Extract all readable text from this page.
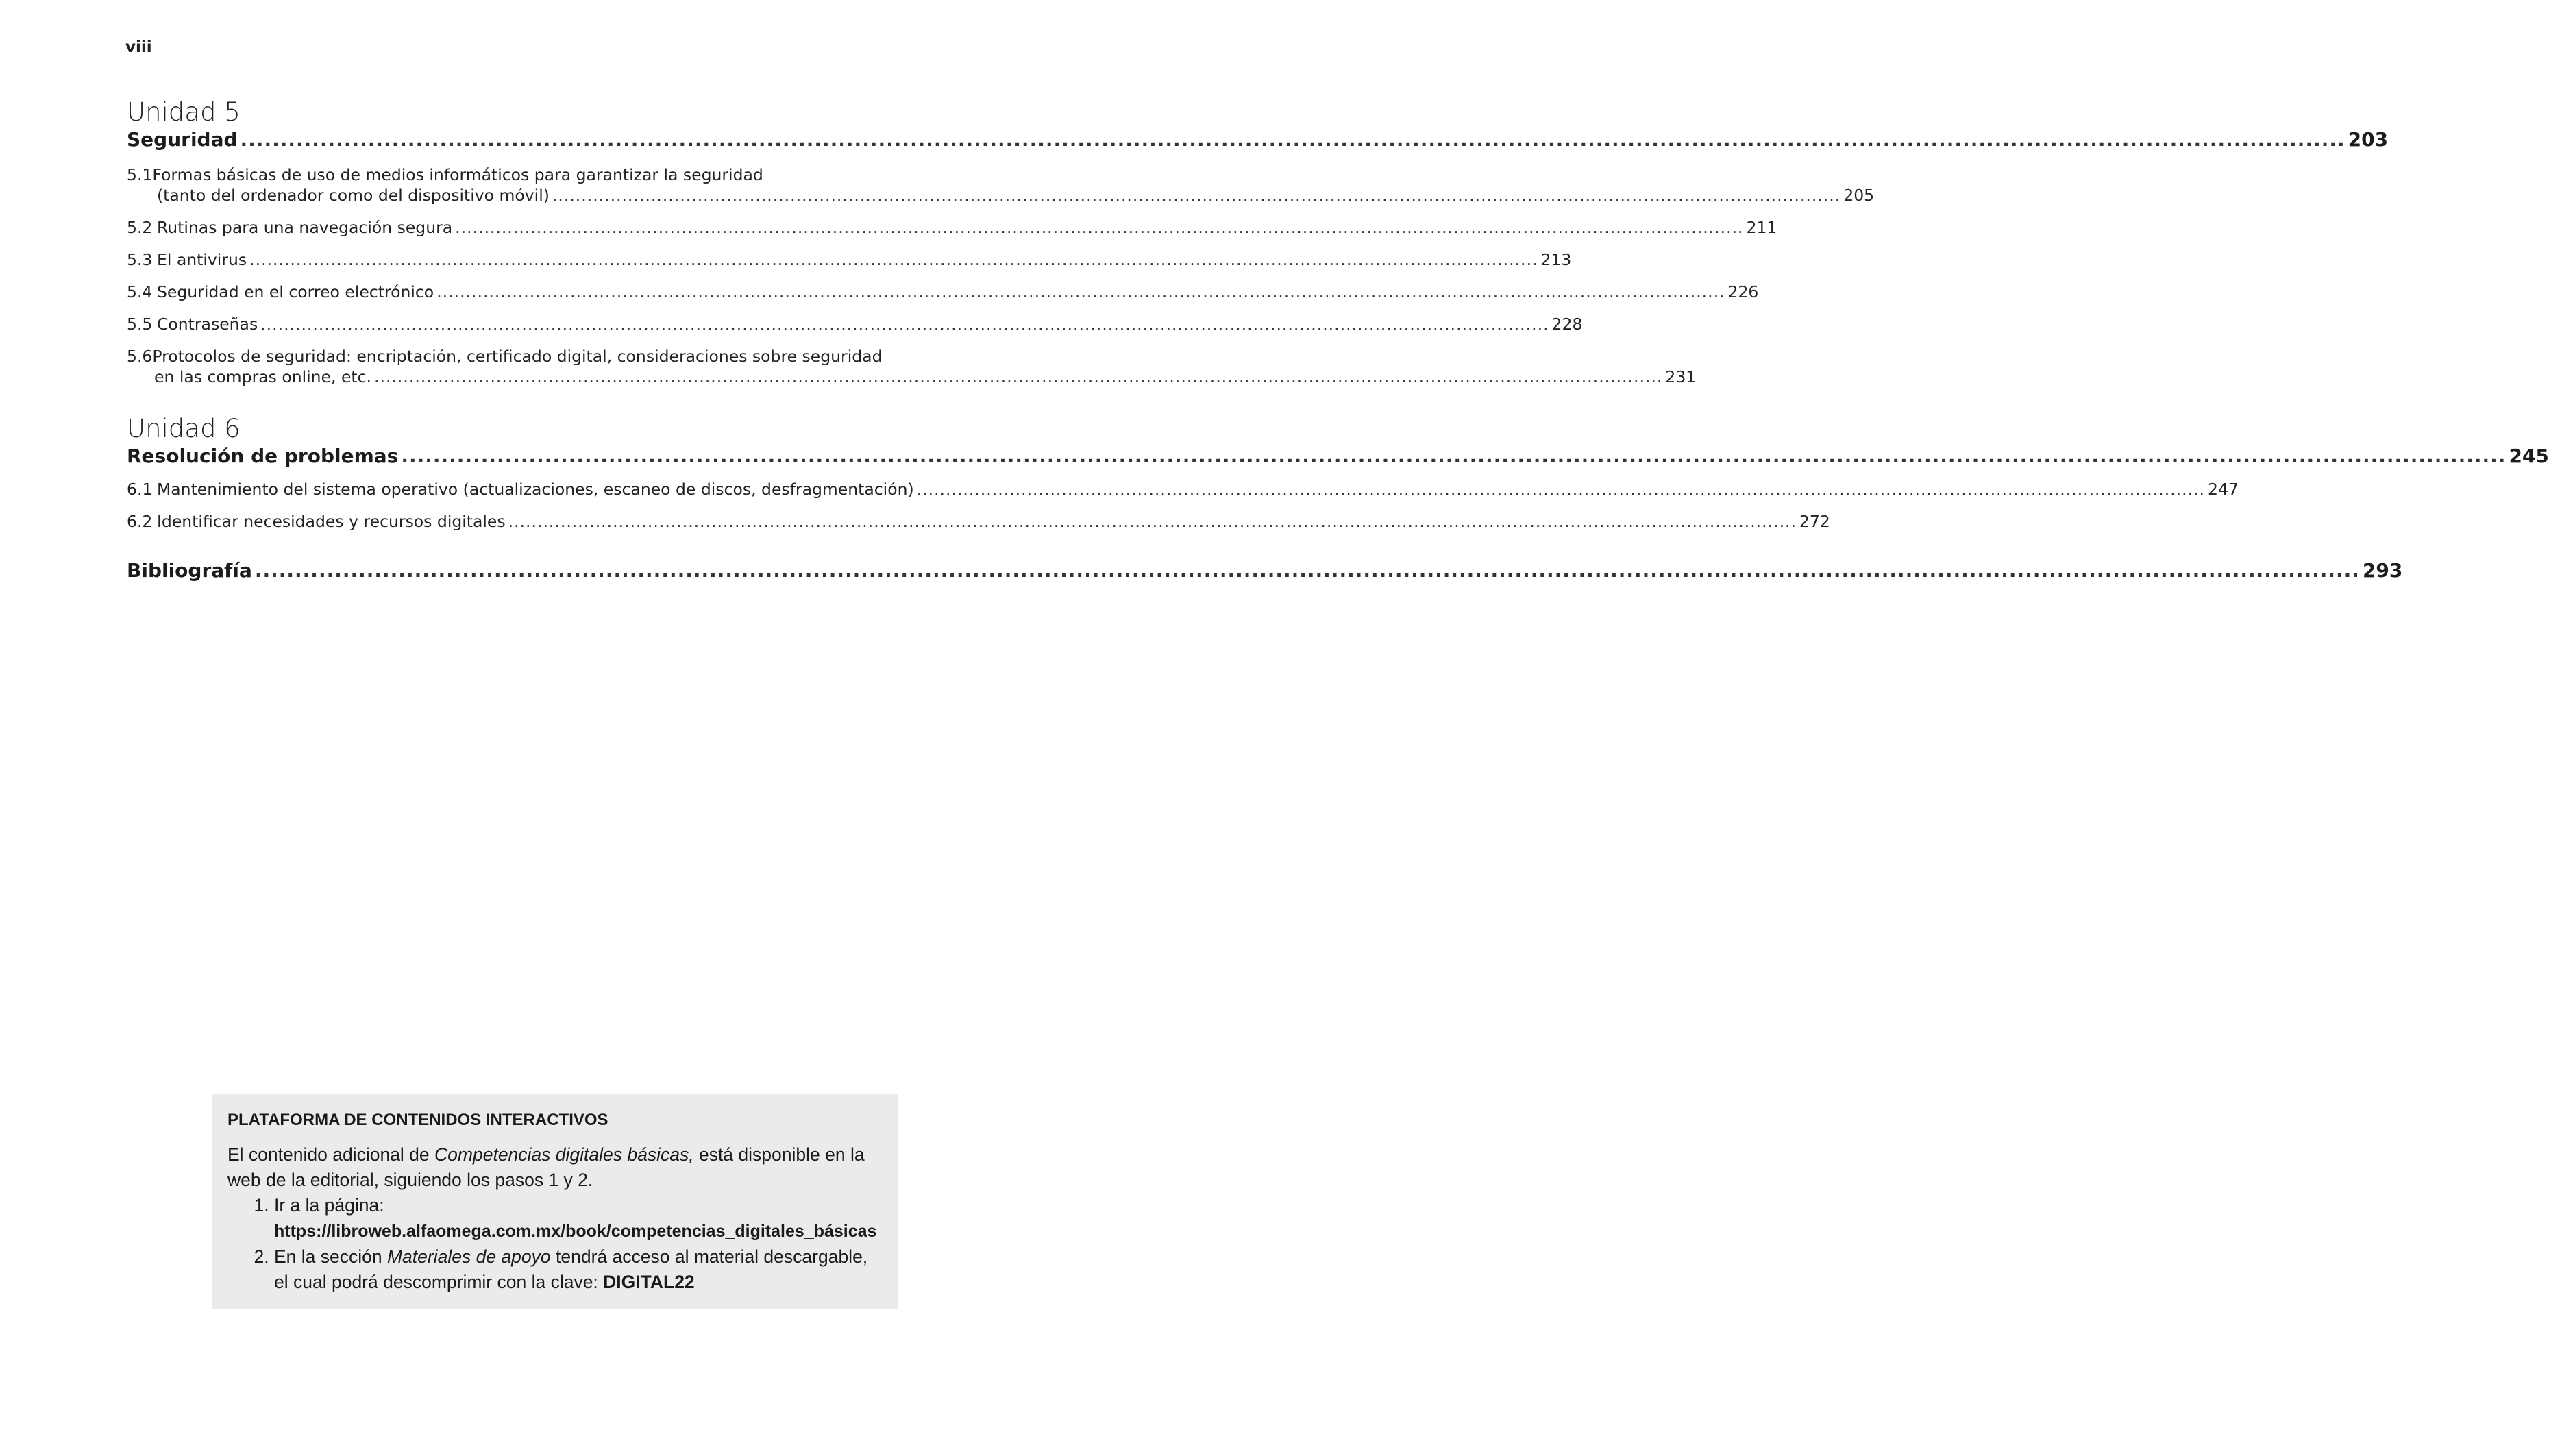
viii
Unidad 5
Seguridad ........................................................................................................................................................................................................................................................................ 203
5.1Formas básicas de uso de medios informáticos para garantizar la seguridad
(tanto del ordenador como del dispositivo móvil) .............................................................................................................................................................................................................................. 205
5.2 Rutinas para una navegación segura .............................................................................................................................................................................................................................. 211
5.3 El antivirus .............................................................................................................................................................................................................................. 213
5.4 Seguridad en el correo electrónico .............................................................................................................................................................................................................................. 226
5.5 Contraseñas .............................................................................................................................................................................................................................. 228
5.6Protocolos de seguridad: encriptación, certificado digital, consideraciones sobre seguridad
en las compras online, etc. .............................................................................................................................................................................................................................. 231
Unidad 6
Resolución de problemas ........................................................................................................................................................................................................................................................................ 245
6.1 Mantenimiento del sistema operativo (actualizaciones, escaneo de discos, desfragmentación) .............................................................................................................................................................................................................................. 247
6.2 Identificar necesidades y recursos digitales .............................................................................................................................................................................................................................. 272
Bibliografía ........................................................................................................................................................................................................................................................................ 293
PLATAFORMA DE CONTENIDOS INTERACTIVOS
El contenido adicional de Competencias digitales básicas, está disponible en la web de la editorial, siguiendo los pasos 1 y 2.
1. Ir a la página:
https://libroweb.alfaomega.com.mx/book/competencias_digitales_básicas
2. En la sección Materiales de apoyo tendrá acceso al material descargable, el cual podrá descomprimir con la clave: DIGITAL22
